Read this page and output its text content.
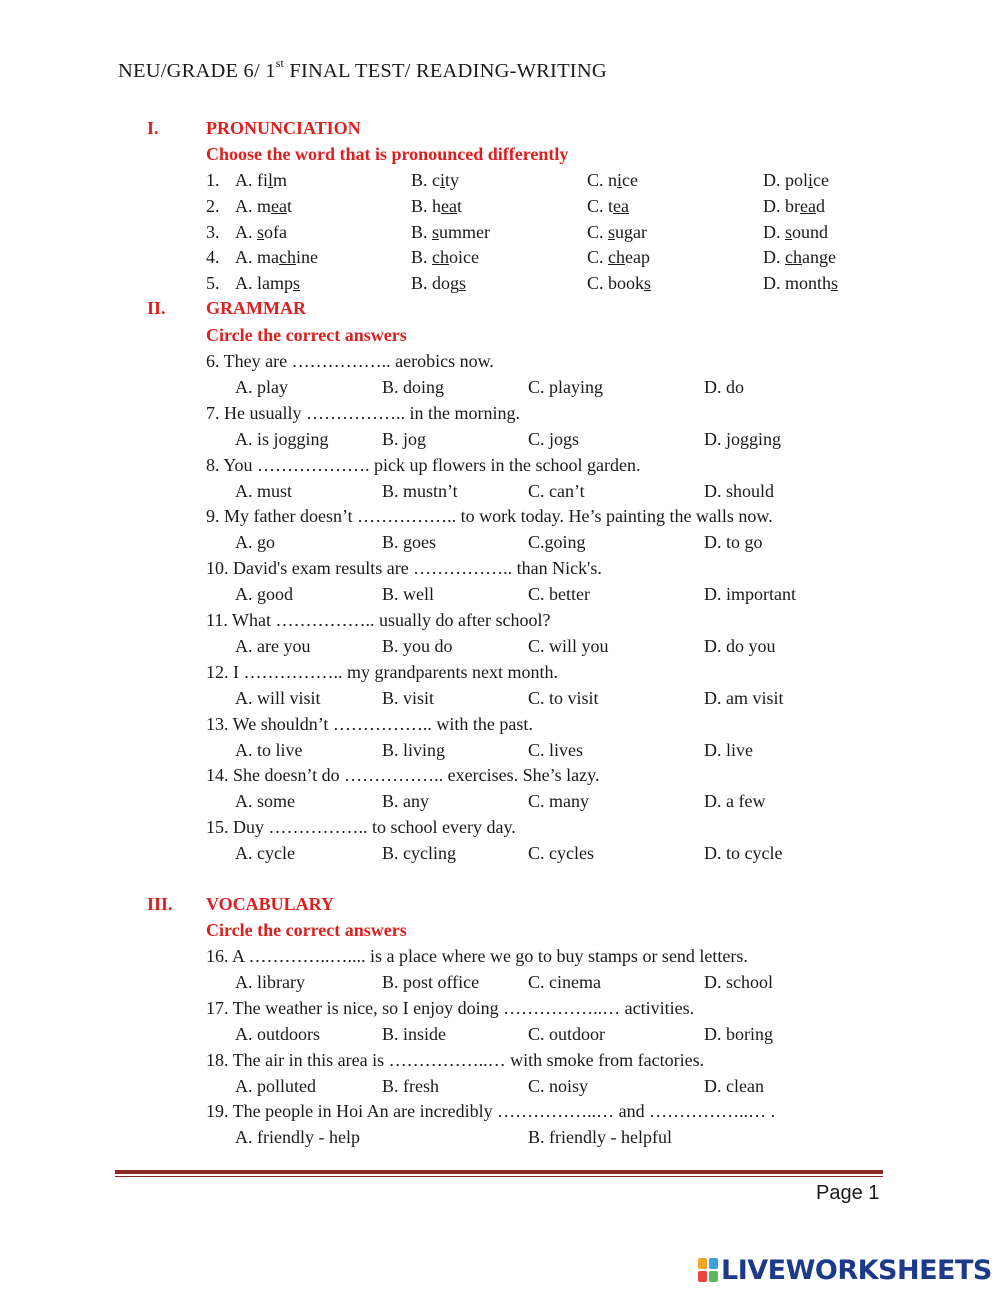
NEU/GRADE 6/ 1st FINAL TEST/ READING-WRITING
I.	PRONUNCIATION
Choose the word that is pronounced differently
1. A. film	B. city	C. nice	D. police
2. A. meat	B. heat	C. tea	D. bread
3. A. sofa	B. summer	C. sugar	D. sound
4. A. machine	B. choice	C. cheap	D. change
5. A. lamps	B. dogs	C. books	D. months
II. GRAMMAR
Circle the correct answers
6. They are …………….. aerobics now.
A. play	B. doing	C. playing	D. do
7. He usually …………….. in the morning.
A. is jogging	B. jog	C. jogs	D. jogging
8. You ………………. pick up flowers in the school garden.
A. must	B. mustn’t	C. can’t	D. should
9. My father doesn’t …………….. to work today. He’s painting the walls now.
A. go	B. goes	C.going	D. to go
10. David's exam results are …………….. than Nick's.
A. good	B. well	C. better	D. important
11. What …………….. usually do after school?
A. are you	B. you do	C. will you	D. do you
12. I …………….. my grandparents next month.
A. will visit	B. visit	C. to visit	D. am visit
13. We shouldn’t …………….. with the past.
A. to live	B. living	C. lives	D. live
14. She doesn’t do …………….. exercises. She’s lazy.
A. some	B. any	C. many	D. a few
15. Duy …………….. to school every day.
A. cycle	B. cycling	C. cycles	D. to cycle
III. VOCABULARY
Circle the correct answers
16. A …………..….... is a place where we go to buy stamps or send letters.
A. library	B. post office	C. cinema	D. school
17. The weather is nice, so I enjoy doing ……………..… activities.
A. outdoors	B. inside	C. outdoor	D. boring
18. The air in this area is ……………..… with smoke from factories.
A. polluted	B. fresh	C. noisy	D. clean
19. The people in Hoi An are incredibly ……………..… and ……………..… .
A. friendly - help	B. friendly - helpful
Page 1
LIVEWORKSHEETS
